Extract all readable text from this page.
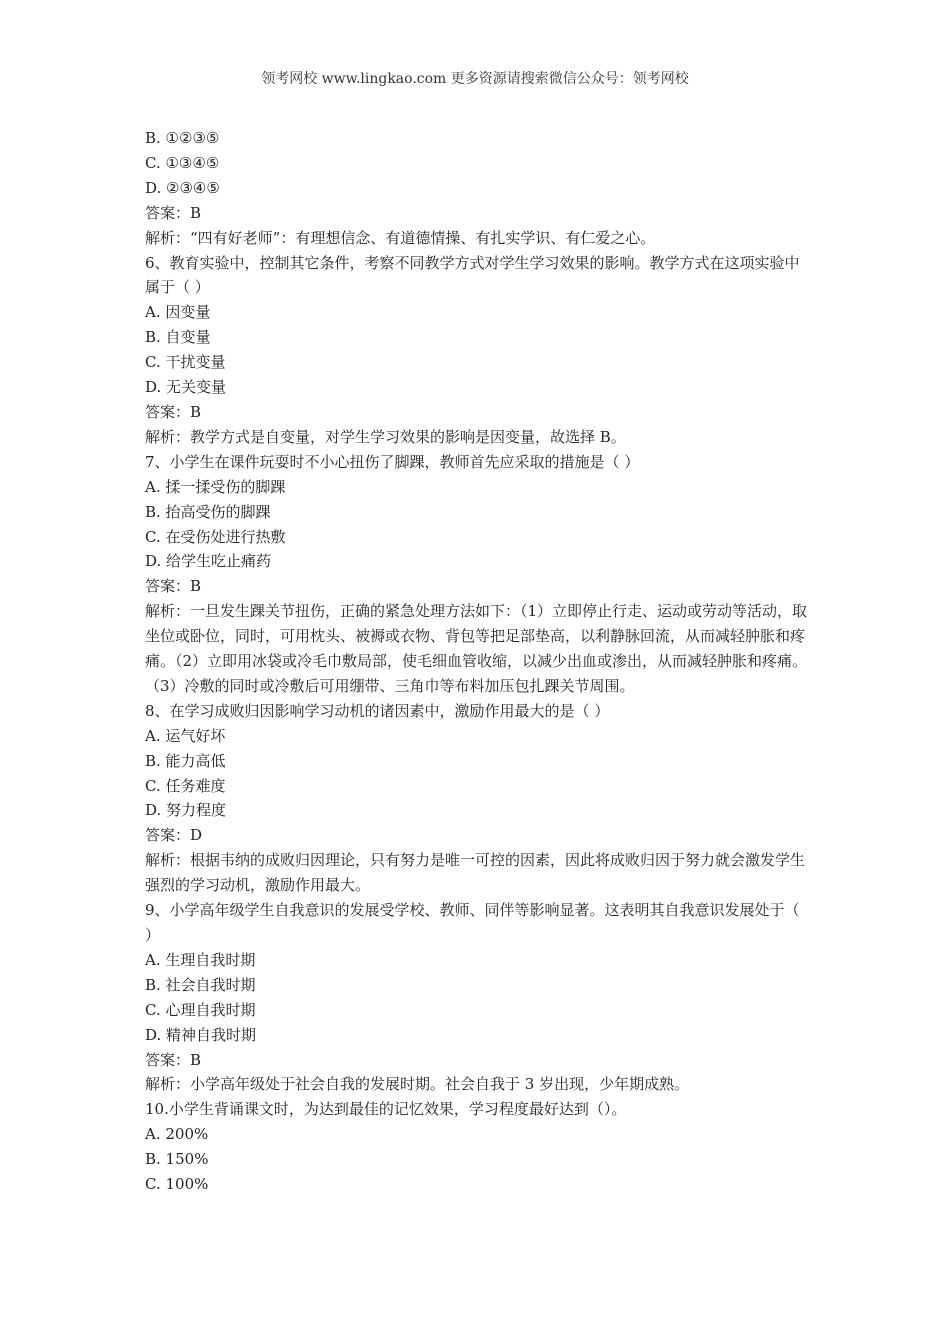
领考网校 www.lingkao.com 更多资源请搜索微信公众号：领考网校

B. ①②③⑤

C. ①③④⑤

D. ②③④⑤

答案：B

解析：“四有好老师”：有理想信念、有道德情操、有扎实学识、有仁爱之心。

6、教育实验中，控制其它条件，考察不同教学方式对学生学习效果的影响。教学方式在这项实验中属于（ ）

A. 因变量

B. 自变量

C. 干扰变量

D. 无关变量

答案：B

解析：教学方式是自变量，对学生学习效果的影响是因变量，故选择 B。

7、小学生在课件玩耍时不小心扭伤了脚踝，教师首先应采取的措施是（ ）

A. 揉一揉受伤的脚踝

B. 抬高受伤的脚踝

C. 在受伤处进行热敷

D. 给学生吃止痛药

答案：B

解析：一旦发生踝关节扭伤，正确的紧急处理方法如下：（1）立即停止行走、运动或劳动等活动，取坐位或卧位，同时，可用枕头、被褥或衣物、背包等把足部垫高，以利静脉回流，从而减轻肿胀和疼痛。（2）立即用冰袋或冷毛巾敷局部，使毛细血管收缩，以减少出血或渗出，从而减轻肿胀和疼痛。（3）冷敷的同时或冷敷后可用绷带、三角巾等布料加压包扎踝关节周围。

8、在学习成败归因影响学习动机的诸因素中，激励作用最大的是（ ）

A. 运气好坏

B. 能力高低

C. 任务难度

D. 努力程度

答案：D

解析：根据韦纳的成败归因理论，只有努力是唯一可控的因素，因此将成败归因于努力就会激发学生强烈的学习动机，激励作用最大。

9、小学高年级学生自我意识的发展受学校、教师、同伴等影响显著。这表明其自我意识发展处于（ ）

A. 生理自我时期

B. 社会自我时期

C. 心理自我时期

D. 精神自我时期

答案：B

解析：小学高年级处于社会自我的发展时期。社会自我于 3 岁出现，少年期成熟。

10.小学生背诵课文时，为达到最佳的记忆效果，学习程度最好达到（）。

A. 200%

B. 150%

C. 100%
